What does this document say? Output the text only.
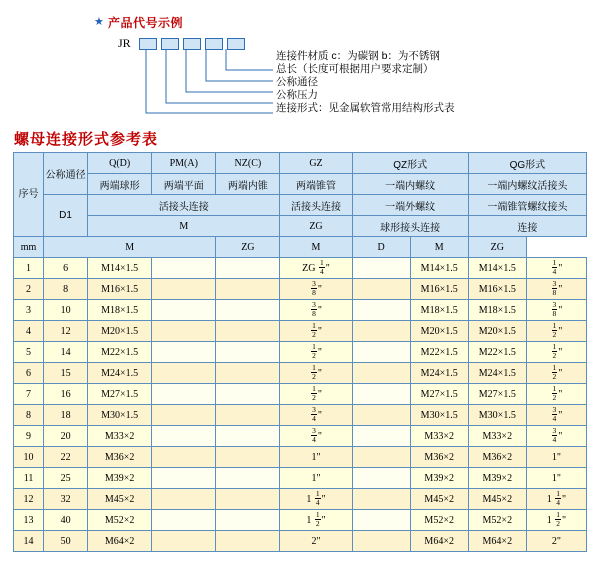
★ 产品代号示例
JR
连接件材质 c：为碳钢 b：为不锈钢
总长（长度可根据用户要求定制）
公称通径
公称压力
连接形式：见金属软管常用结构形式表
螺母连接形式参考表
序号	公称通径	Q(D)	PM(A)	NZ(C)	GZ	QZ形式		QG形式	
		两端球形	两端平面	两端内锥	两端锥管	一端内螺纹		一端内螺纹活接头	
	D1	活接头连接			活接头连接	一端外螺纹		一端锥管螺纹接头	
		M			ZG	球形接头连接		连接	
mm	M			ZG	M	D	M	ZG	
1	6	M14×1.5			ZG $\frac{1}{4}$ "		M14×1.5	M14×1.5	$\frac{1}{4}$ "
2	8	M16×1.5			$\frac{3}{8}$ "		M16×1.5	M16×1.5	$\frac{3}{8}$ "
3	10	M18×1.5			$\frac{3}{8}$ "		M18×1.5	M18×1.5	$\frac{3}{8}$ "
4	12	M20×1.5			$\frac{1}{2}$ "		M20×1.5	M20×1.5	$\frac{1}{2}$ "
5	14	M22×1.5			$\frac{1}{2}$ "		M22×1.5	M22×1.5	$\frac{1}{2}$ "
6	15	M24×1.5			$\frac{1}{2}$ "		M24×1.5	M24×1.5	$\frac{1}{2}$ "
7	16	M27×1.5			$\frac{1}{2}$ "		M27×1.5	M27×1.5	$\frac{1}{2}$ "
8	18	M30×1.5			$\frac{3}{4}$ "		M30×1.5	M30×1.5	$\frac{3}{4}$ "
9	20	M33×2			$\frac{3}{4}$ "		M33×2	M33×2	$\frac{3}{4}$ "
10	22	M36×2			1"		M36×2	M36×2	1"
11	25	M39×2			1"		M39×2	M39×2	1"
12	32	M45×2			$1 \frac{1}{4}$ "		M45×2	M45×2	$1 \frac{1}{4}$ "
13	40	M52×2			$1 \frac{1}{2}$ "		M52×2	M52×2	$1 \frac{1}{2}$ "
14	50	M64×2			2"		M64×2	M64×2	2"
